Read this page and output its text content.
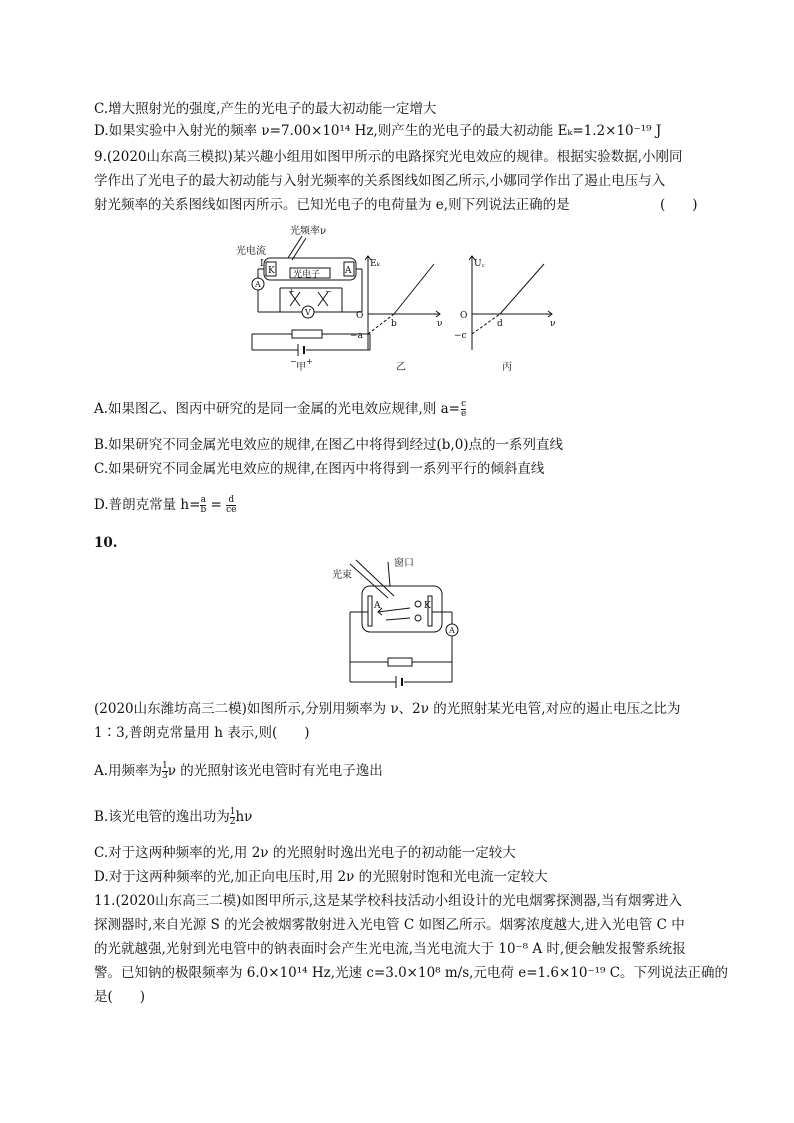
C.增大照射光的强度,产生的光电子的最大初动能一定增大
D.如果实验中入射光的频率 ν=7.00×10¹⁴ Hz,则产生的光电子的最大初动能 Eₖ=1.2×10⁻¹⁹ J
9.(2020山东高三模拟)某兴趣小组用如图甲所示的电路探究光电效应的规律。根据实验数据,小刚同
学作出了光电子的最大初动能与入射光频率的关系图线如图乙所示,小娜同学作出了遏止电压与入
射光频率的关系图线如图丙所示。已知光电子的电荷量为 e,则下列说法正确的是	(　　)
光频率ν
光电流
I
K	A
光电子
A
V
+	−
− +
甲
Eₖ
ν
O
b
−a
乙
U꜀
ν
O
d
−c
丙
A.如果图乙、图丙中研究的是同一金属的光电效应规律,则 $a= \frac{c}{e}$
B.如果研究不同金属光电效应的规律,在图乙中将得到经过(b,0)点的一系列直线
C.如果研究不同金属光电效应的规律,在图丙中将得到一系列平行的倾斜直线
D.普朗克常量 $h= \frac{a}{b} = \frac{d}{ce}$
10.
窗口
光束
A	K
A
(2020山东潍坊高三二模)如图所示,分别用频率为 ν、2ν 的光照射某光电管,对应的遏止电压之比为
1∶3,普朗克常量用 h 表示,则(　　)
A.用频率为 $\frac{1}{3}$ ν 的光照射该光电管时有光电子逸出
B.该光电管的逸出功为 $\frac{1}{2}$ hν
C.对于这两种频率的光,用 2ν 的光照射时逸出光电子的初动能一定较大
D.对于这两种频率的光,加正向电压时,用 2ν 的光照射时饱和光电流一定较大
11.(2020山东高三二模)如图甲所示,这是某学校科技活动小组设计的光电烟雾探测器,当有烟雾进入
探测器时,来自光源 S 的光会被烟雾散射进入光电管 C 如图乙所示。烟雾浓度越大,进入光电管 C 中
的光就越强,光射到光电管中的钠表面时会产生光电流,当光电流大于 10⁻⁸ A 时,便会触发报警系统报
警。已知钠的极限频率为 6.0×10¹⁴ Hz,光速 c=3.0×10⁸ m/s,元电荷 e=1.6×10⁻¹⁹ C。下列说法正确的
是(　　)
